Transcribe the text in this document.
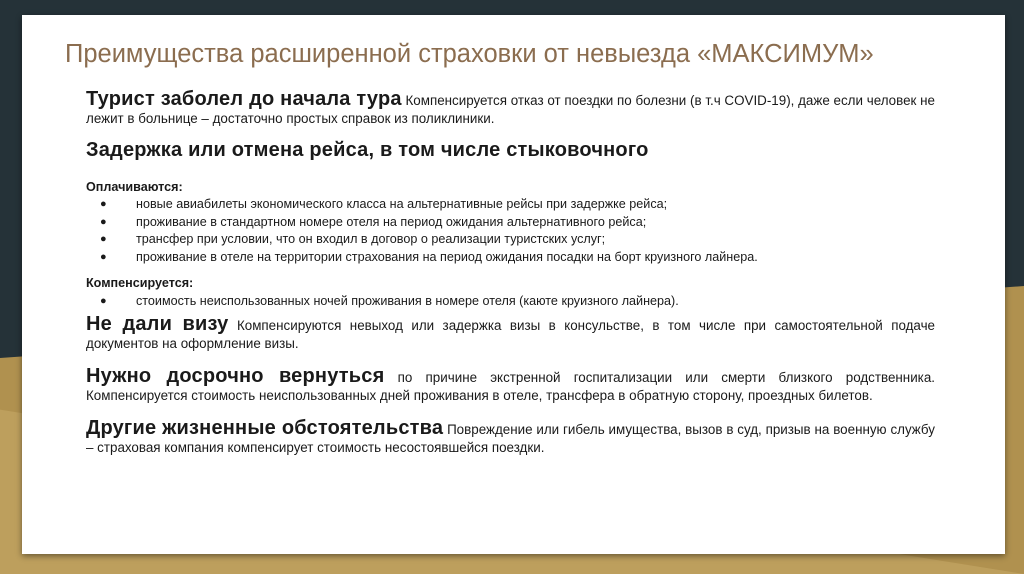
Преимущества расширенной страховки от невыезда «МАКСИМУМ»

Турист заболел до начала тура Компенсируется отказ от поездки по болезни (в т.ч COVID-19), даже если человек не лежит в больнице – достаточно простых справок из поликлиники.

Задержка или отмена рейса, в том числе стыковочного

Оплачиваются:

● новые авиабилеты экономического класса на альтернативные рейсы при задержке рейса;
● проживание в стандартном номере отеля на период ожидания альтернативного рейса;
● трансфер при условии, что он входил в договор о реализации туристских услуг;
● проживание в отеле на территории страхования на период ожидания посадки на борт круизного лайнера.

Компенсируется:

● стоимость неиспользованных ночей проживания в номере отеля (каюте круизного лайнера).

Не дали визу Компенсируются невыход или задержка визы в консульстве, в том числе при самостоятельной подаче документов на оформление визы.

Нужно досрочно вернуться по причине экстренной госпитализации или смерти близкого родственника. Компенсируется стоимость неиспользованных дней проживания в отеле, трансфера в обратную сторону, проездных билетов.

Другие жизненные обстоятельства Повреждение или гибель имущества, вызов в суд, призыв на военную службу – страховая компания компенсирует стоимость несостоявшейся поездки.
